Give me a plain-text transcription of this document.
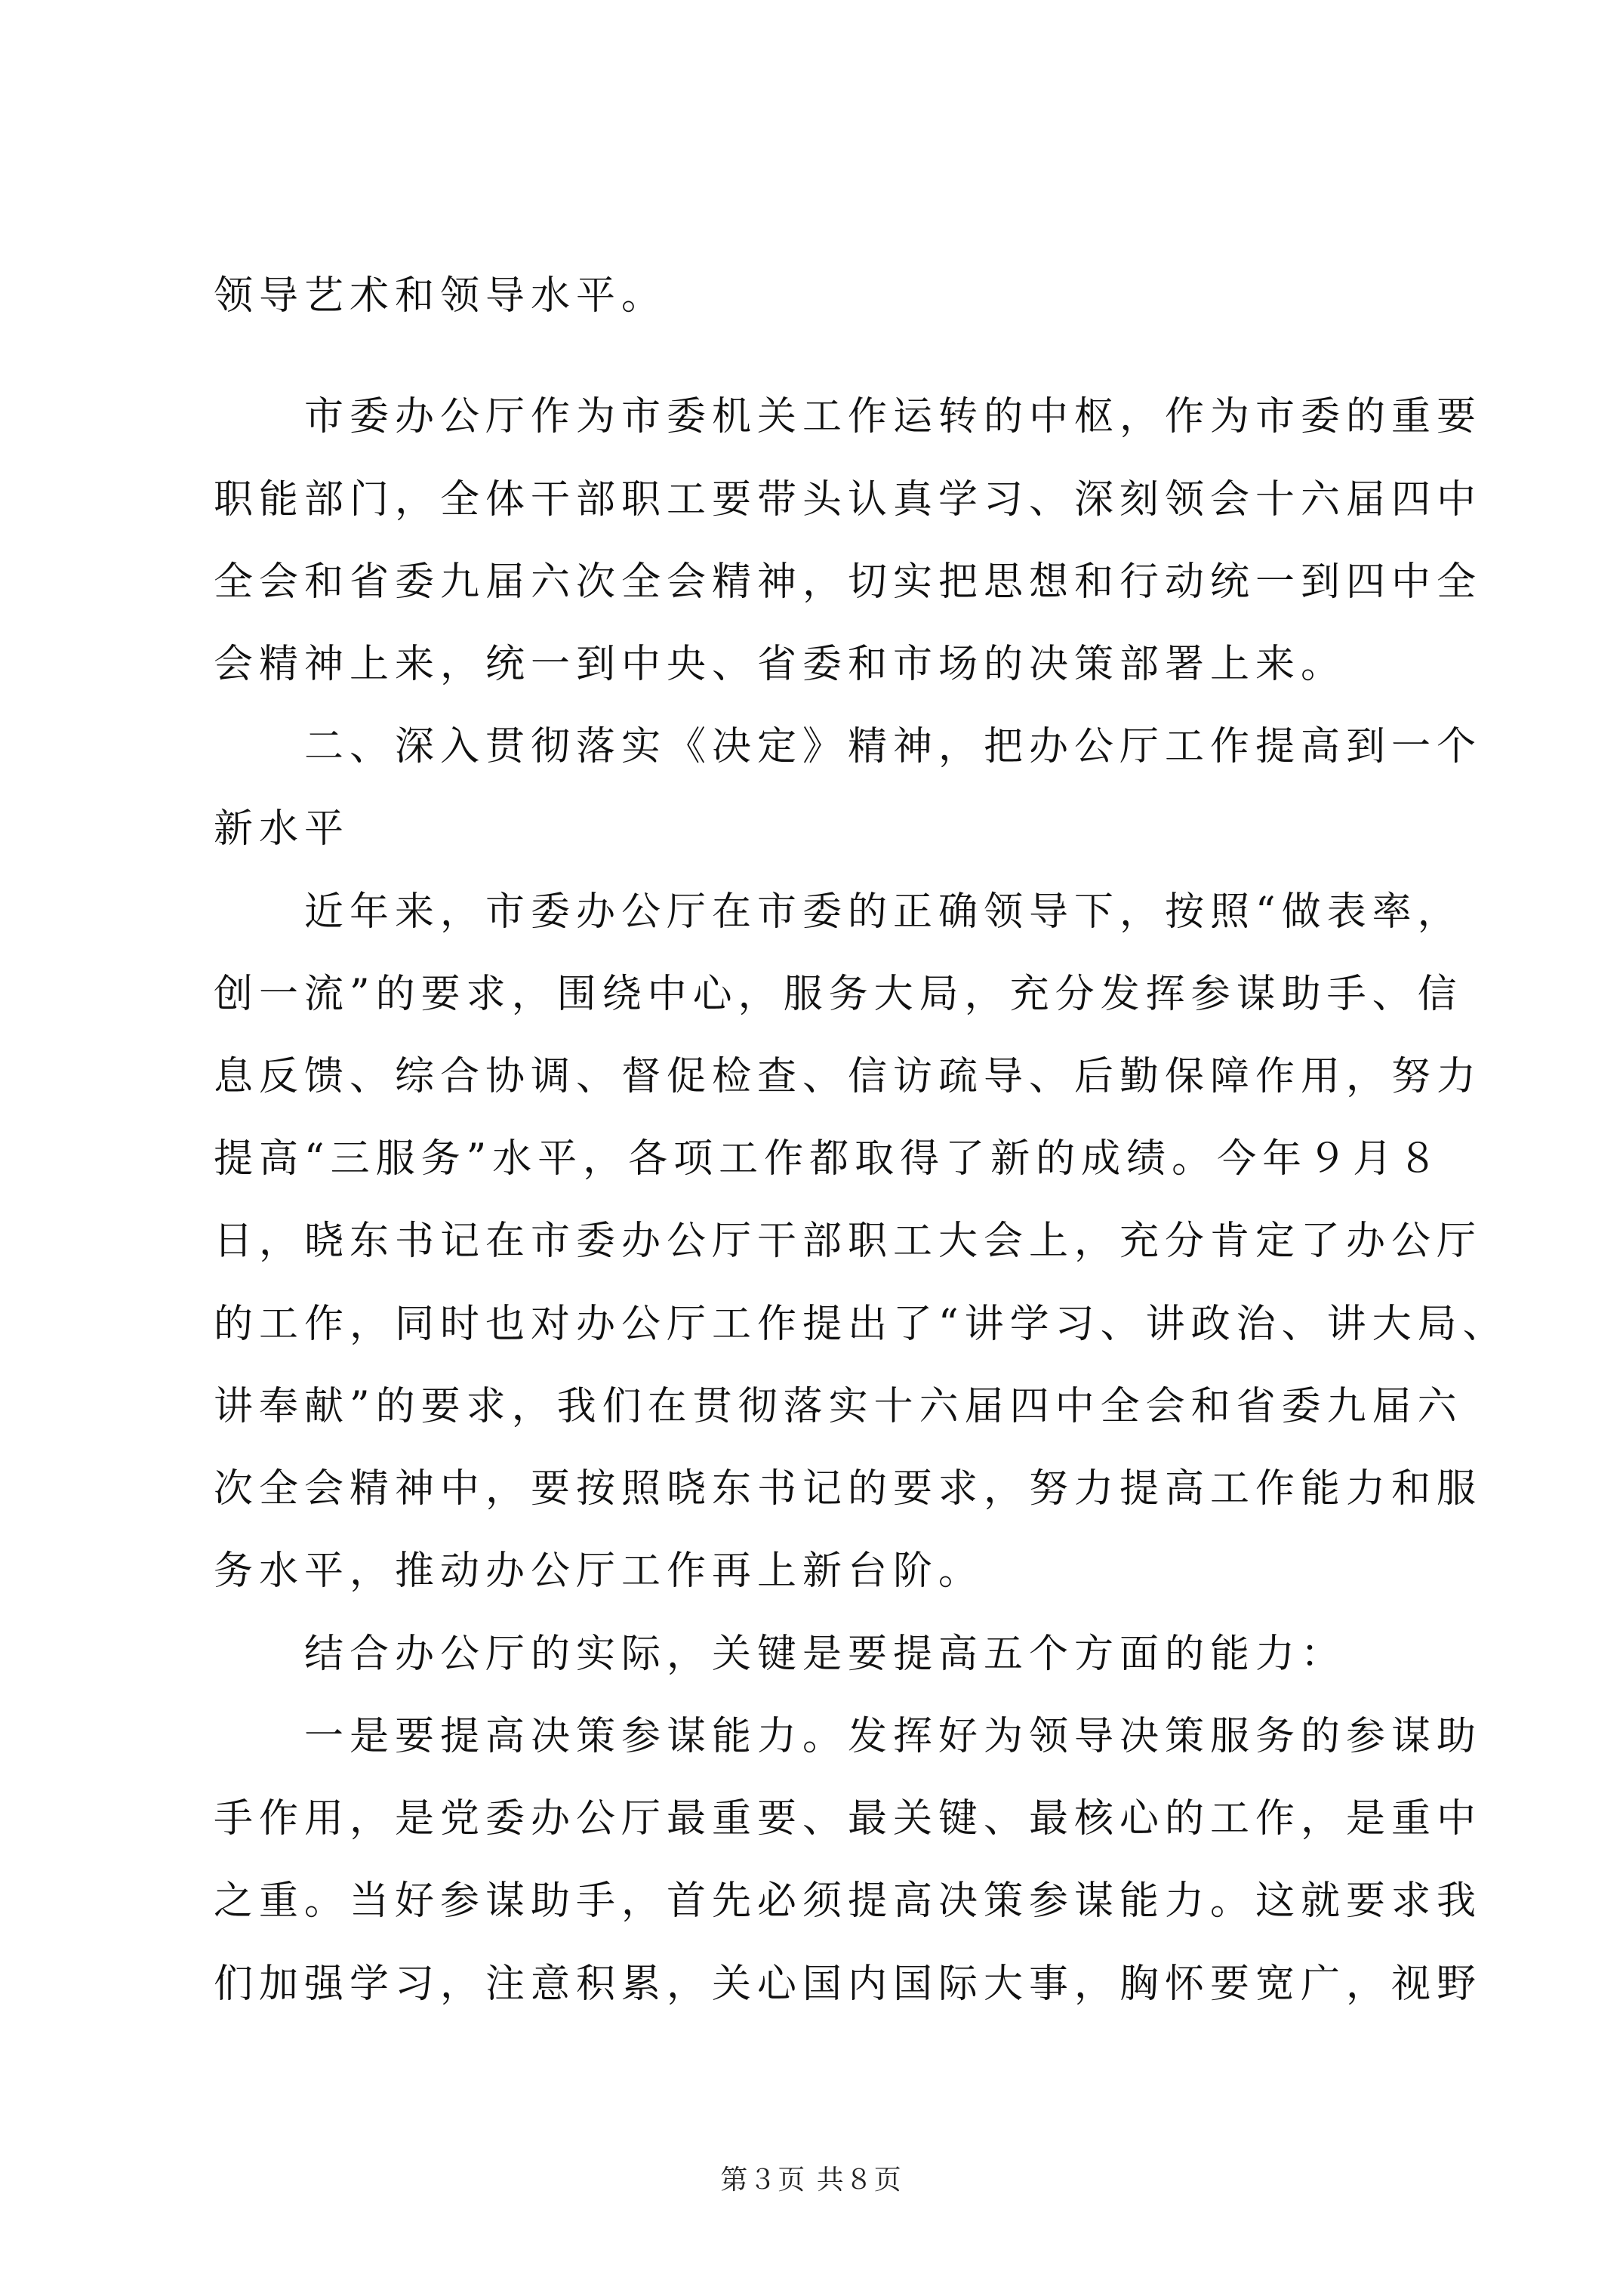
领导艺术和领导水平。
　　市委办公厅作为市委机关工作运转的中枢，作为市委的重要
职能部门，全体干部职工要带头认真学习、深刻领会十六届四中
全会和省委九届六次全会精神，切实把思想和行动统一到四中全
会精神上来，统一到中央、省委和市场的决策部署上来。
　　二、深入贯彻落实《决定》精神，把办公厅工作提高到一个
新水平
　　近年来，市委办公厅在市委的正确领导下，按照“做表率，
创一流”的要求，围绕中心，服务大局，充分发挥参谋助手、信
息反馈、综合协调、督促检查、信访疏导、后勤保障作用，努力
提高“三服务”水平，各项工作都取得了新的成绩。今年９月８
日，晓东书记在市委办公厅干部职工大会上，充分肯定了办公厅
的工作，同时也对办公厅工作提出了“讲学习、讲政治、讲大局、
讲奉献”的要求，我们在贯彻落实十六届四中全会和省委九届六
次全会精神中，要按照晓东书记的要求，努力提高工作能力和服
务水平，推动办公厅工作再上新台阶。
　　结合办公厅的实际，关键是要提高五个方面的能力：
　　一是要提高决策参谋能力。发挥好为领导决策服务的参谋助
手作用，是党委办公厅最重要、最关键、最核心的工作，是重中
之重。当好参谋助手，首先必须提高决策参谋能力。这就要求我
们加强学习，注意积累，关心国内国际大事，胸怀要宽广，视野
第３页 共８页
